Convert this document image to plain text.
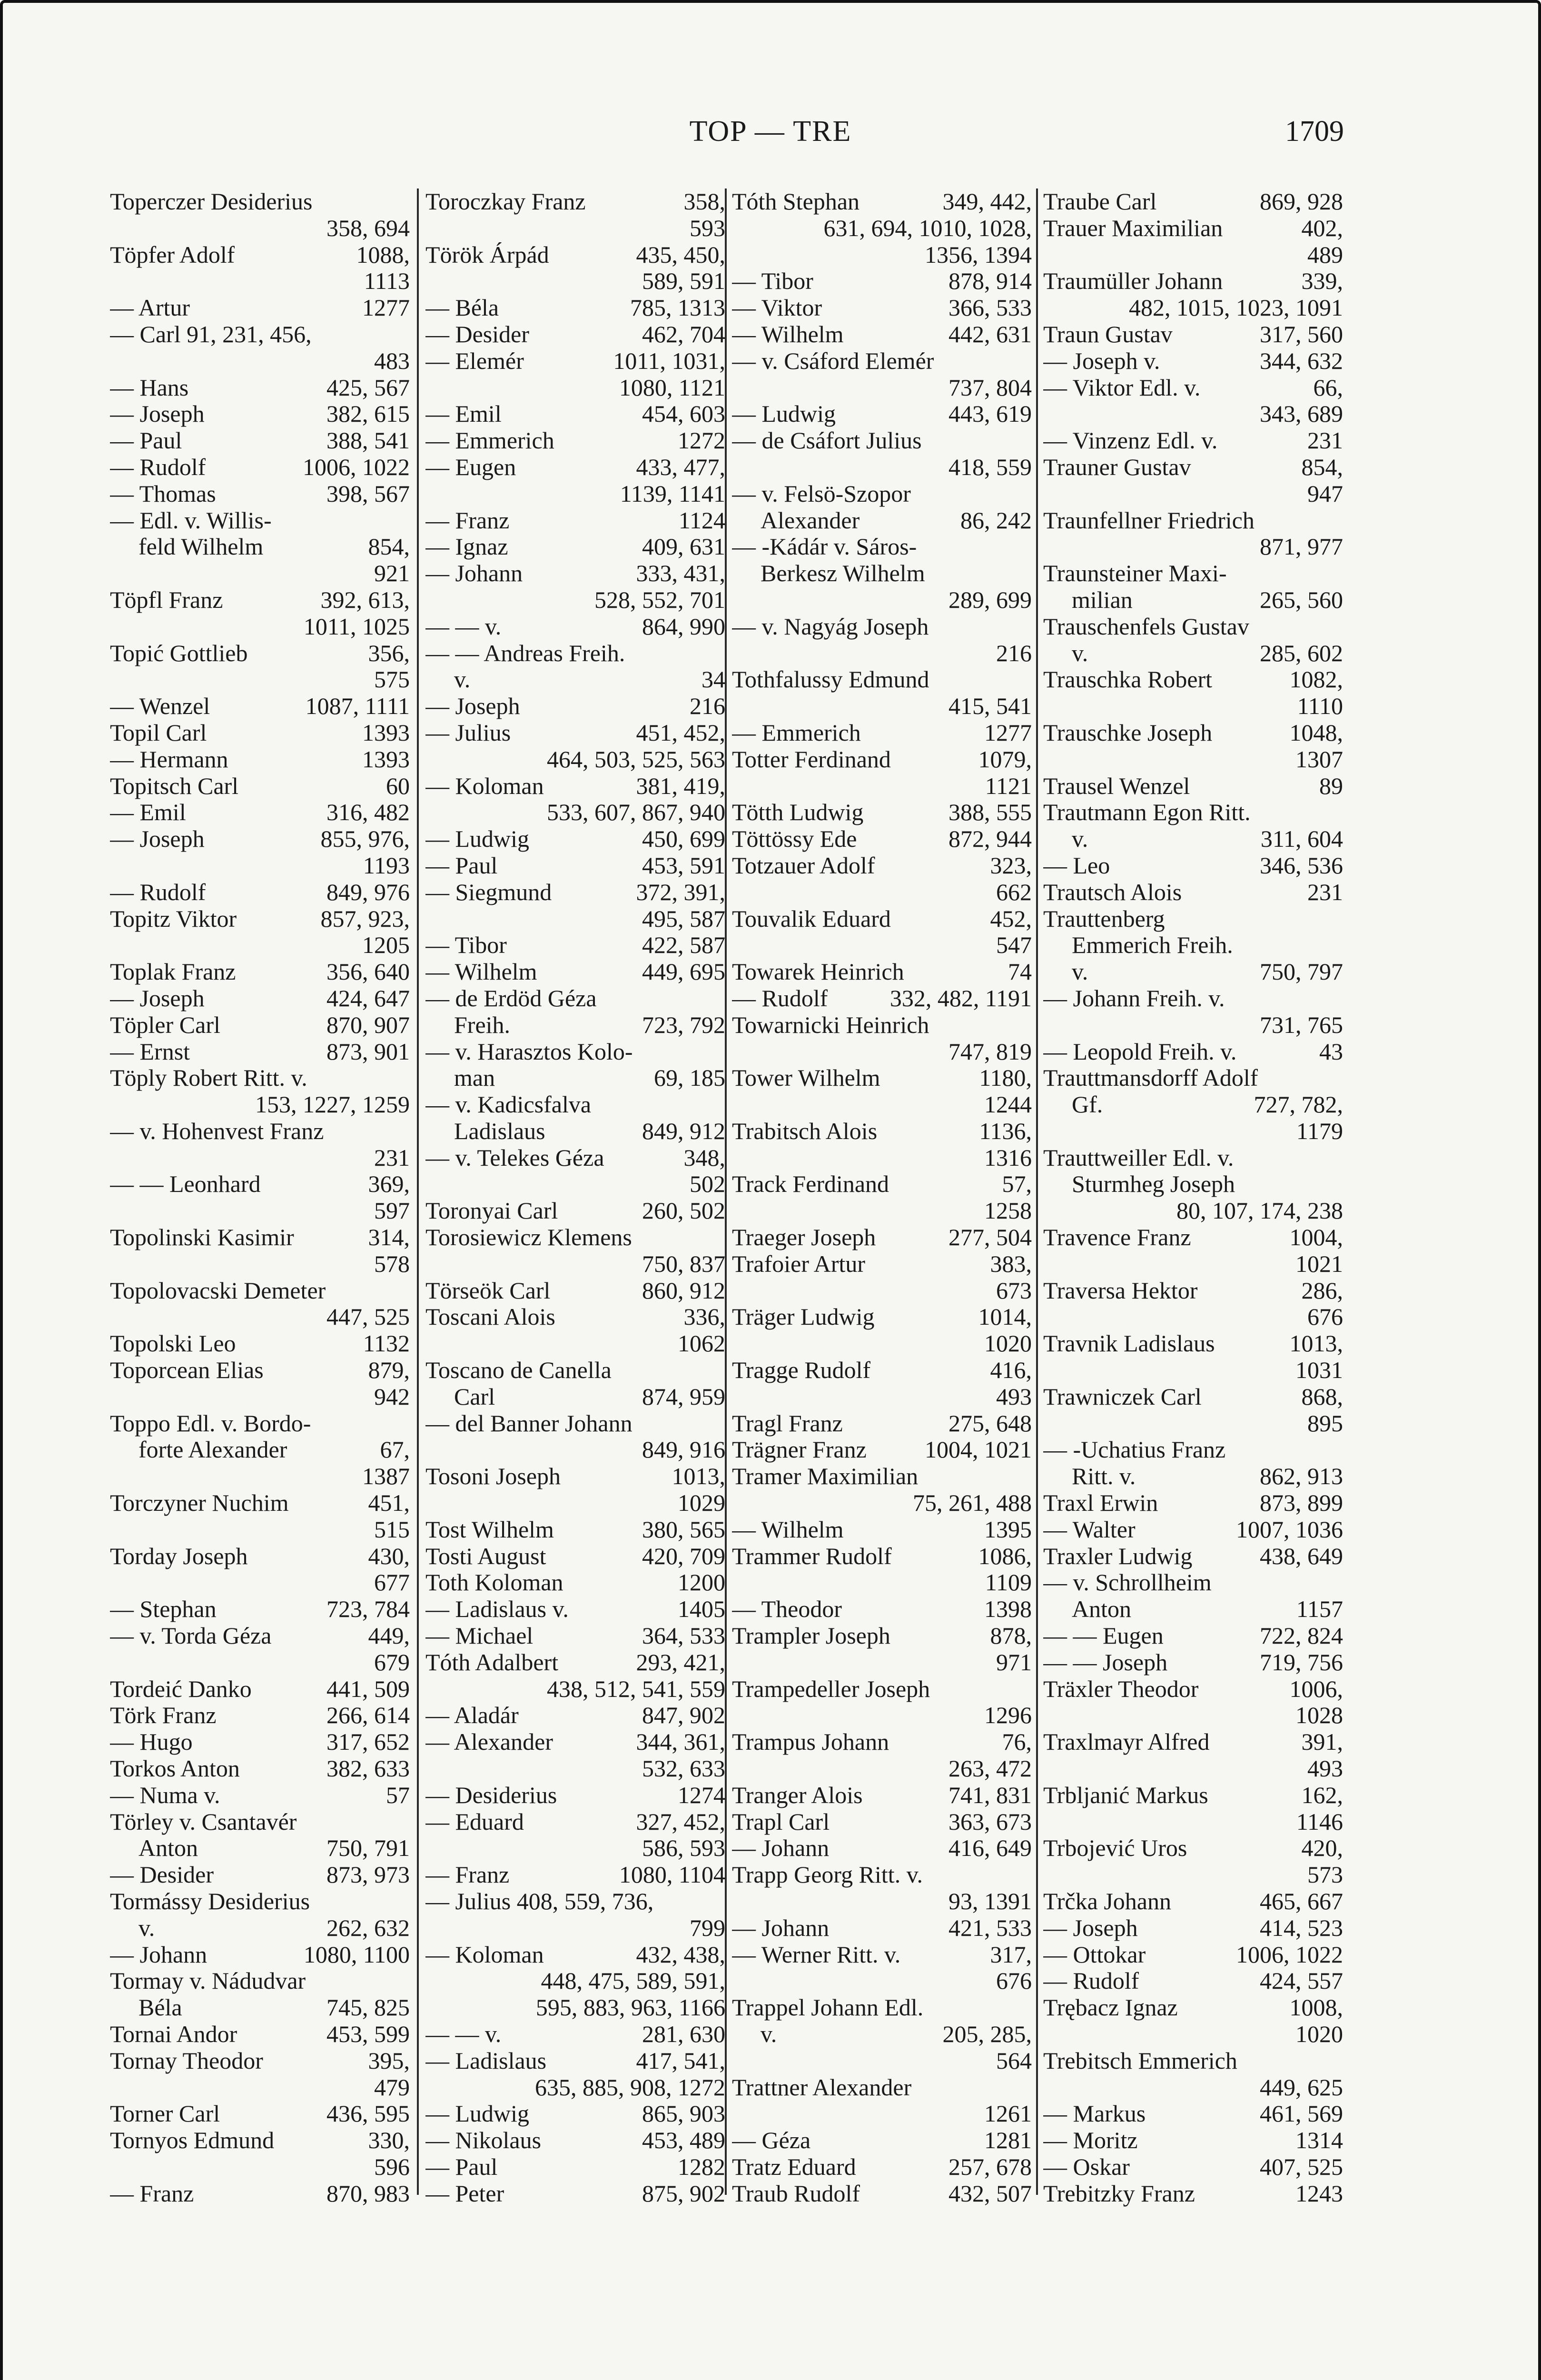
TOP — TRE	1709
Toperczer Desiderius
358, 694
Töpfer Adolf	1088,
1113
— Artur	1277
— Carl 91, 231, 456,
483
— Hans	425, 567
— Joseph	382, 615
— Paul	388, 541
— Rudolf	1006, 1022
— Thomas	398, 567
— Edl. v. Willis-
feld Wilhelm	854,
921
Töpfl Franz	392, 613,
1011, 1025
Topić Gottlieb	356,
575
— Wenzel	1087, 1111
Topil Carl	1393
— Hermann	1393
Topitsch Carl	60
— Emil	316, 482
— Joseph	855, 976,
1193
— Rudolf	849, 976
Topitz Viktor	857, 923,
1205
Toplak Franz	356, 640
— Joseph	424, 647
Töpler Carl	870, 907
— Ernst	873, 901
Töply Robert Ritt. v.
153, 1227, 1259
— v. Hohenvest Franz
231
— — Leonhard	369,
597
Topolinski Kasimir	314,
578
Topolovacski Demeter
447, 525
Topolski Leo	1132
Toporcean Elias	879,
942
Toppo Edl. v. Bordo-
forte Alexander	67,
1387
Torczyner Nuchim	451,
515
Torday Joseph	430,
677
— Stephan	723, 784
— v. Torda Géza	449,
679
Tordeić Danko	441, 509
Törk Franz	266, 614
— Hugo	317, 652
Torkos Anton	382, 633
— Numa v.	57
Törley v. Csantavér
Anton	750, 791
— Desider	873, 973
Tormássy Desiderius
v.	262, 632
— Johann	1080, 1100
Tormay v. Nádudvar
Béla	745, 825
Tornai Andor	453, 599
Tornay Theodor	395,
479
Torner Carl	436, 595
Tornyos Edmund	330,
596
— Franz	870, 983
Toroczkay Franz	358,
593
Török Árpád	435, 450,
589, 591
— Béla	785, 1313
— Desider	462, 704
— Elemér	1011, 1031,
1080, 1121
— Emil	454, 603
— Emmerich	1272
— Eugen	433, 477,
1139, 1141
— Franz	1124
— Ignaz	409, 631
— Johann	333, 431,
528, 552, 701
— — v.	864, 990
— — Andreas Freih.
v.	34
— Joseph	216
— Julius	451, 452,
464, 503, 525, 563
— Koloman	381, 419,
533, 607, 867, 940
— Ludwig	450, 699
— Paul	453, 591
— Siegmund	372, 391,
495, 587
— Tibor	422, 587
— Wilhelm	449, 695
— de Erdöd Géza
Freih.	723, 792
— v. Harasztos Kolo-
man	69, 185
— v. Kadicsfalva
Ladislaus	849, 912
— v. Telekes Géza	348,
502
Toronyai Carl	260, 502
Torosiewicz Klemens
750, 837
Törseök Carl	860, 912
Toscani Alois	336,
1062
Toscano de Canella
Carl	874, 959
— del Banner Johann
849, 916
Tosoni Joseph	1013,
1029
Tost Wilhelm	380, 565
Tosti August	420, 709
Toth Koloman	1200
— Ladislaus v.	1405
— Michael	364, 533
Tóth Adalbert	293, 421,
438, 512, 541, 559
— Aladár	847, 902
— Alexander	344, 361,
532, 633
— Desiderius	1274
— Eduard	327, 452,
586, 593
— Franz	1080, 1104
— Julius 408, 559, 736,
799
— Koloman	432, 438,
448, 475, 589, 591,
595, 883, 963, 1166
— — v.	281, 630
— Ladislaus	417, 541,
635, 885, 908, 1272
— Ludwig	865, 903
— Nikolaus	453, 489
— Paul	1282
— Peter	875, 902
Tóth Stephan	349, 442,
631, 694, 1010, 1028,
1356, 1394
— Tibor	878, 914
— Viktor	366, 533
— Wilhelm	442, 631
— v. Csáford Elemér
737, 804
— Ludwig	443, 619
— de Csáfort Julius
418, 559
— v. Felsö-Szopor
Alexander	86, 242
— -Kádár v. Sáros-
Berkesz Wilhelm
289, 699
— v. Nagyág Joseph
216
Tothfalussy Edmund
415, 541
— Emmerich	1277
Totter Ferdinand	1079,
1121
Tötth Ludwig	388, 555
Töttössy Ede	872, 944
Totzauer Adolf	323,
662
Touvalik Eduard	452,
547
Towarek Heinrich	74
— Rudolf	332, 482, 1191
Towarnicki Heinrich
747, 819
Tower Wilhelm	1180,
1244
Trabitsch Alois	1136,
1316
Track Ferdinand	57,
1258
Traeger Joseph	277, 504
Trafoier Artur	383,
673
Träger Ludwig	1014,
1020
Tragge Rudolf	416,
493
Tragl Franz	275, 648
Trägner Franz 1004, 1021
Tramer Maximilian
75, 261, 488
— Wilhelm	1395
Trammer Rudolf	1086,
1109
— Theodor	1398
Trampler Joseph	878,
971
Trampedeller Joseph
1296
Trampus Johann	76,
263, 472
Tranger Alois	741, 831
Trapl Carl	363, 673
— Johann	416, 649
Trapp Georg Ritt. v.
93, 1391
— Johann	421, 533
— Werner Ritt. v.	317,
676
Trappel Johann Edl.
v.	205, 285,
564
Trattner Alexander
1261
— Géza	1281
Tratz Eduard	257, 678
Traub Rudolf	432, 507
Traube Carl	869, 928
Trauer Maximilian	402,
489
Traumüller Johann	339,
482, 1015, 1023, 1091
Traun Gustav	317, 560
— Joseph v.	344, 632
— Viktor Edl. v.	66,
343, 689
— Vinzenz Edl. v.	231
Trauner Gustav	854,
947
Traunfellner Friedrich
871, 977
Traunsteiner Maxi-
milian	265, 560
Trauschenfels Gustav
v.	285, 602
Trauschka Robert	1082,
1110
Trauschke Joseph	1048,
1307
Trausel Wenzel	89
Trautmann Egon Ritt.
v.	311, 604
— Leo	346, 536
Trautsch Alois	231
Trauttenberg
Emmerich Freih.
v.	750, 797
— Johann Freih. v.
731, 765
— Leopold Freih. v.	43
Trauttmansdorff Adolf
Gf.	727, 782,
1179
Trauttweiller Edl. v.
Sturmheg Joseph
80, 107, 174, 238
Travence Franz	1004,
1021
Traversa Hektor	286,
676
Travnik Ladislaus	1013,
1031
Trawniczek Carl	868,
895
— -Uchatius Franz
Ritt. v.	862, 913
Traxl Erwin	873, 899
— Walter	1007, 1036
Traxler Ludwig	438, 649
— v. Schrollheim
Anton	1157
— — Eugen	722, 824
— — Joseph	719, 756
Träxler Theodor	1006,
1028
Traxlmayr Alfred	391,
493
Trbljanić Markus	162,
1146
Trbojević Uros	420,
573
Trčka Johann	465, 667
— Joseph	414, 523
— Ottokar	1006, 1022
— Rudolf	424, 557
Trębacz Ignaz	1008,
1020
Trebitsch Emmerich
449, 625
— Markus	461, 569
— Moritz	1314
— Oskar	407, 525
Trebitzky Franz	1243
